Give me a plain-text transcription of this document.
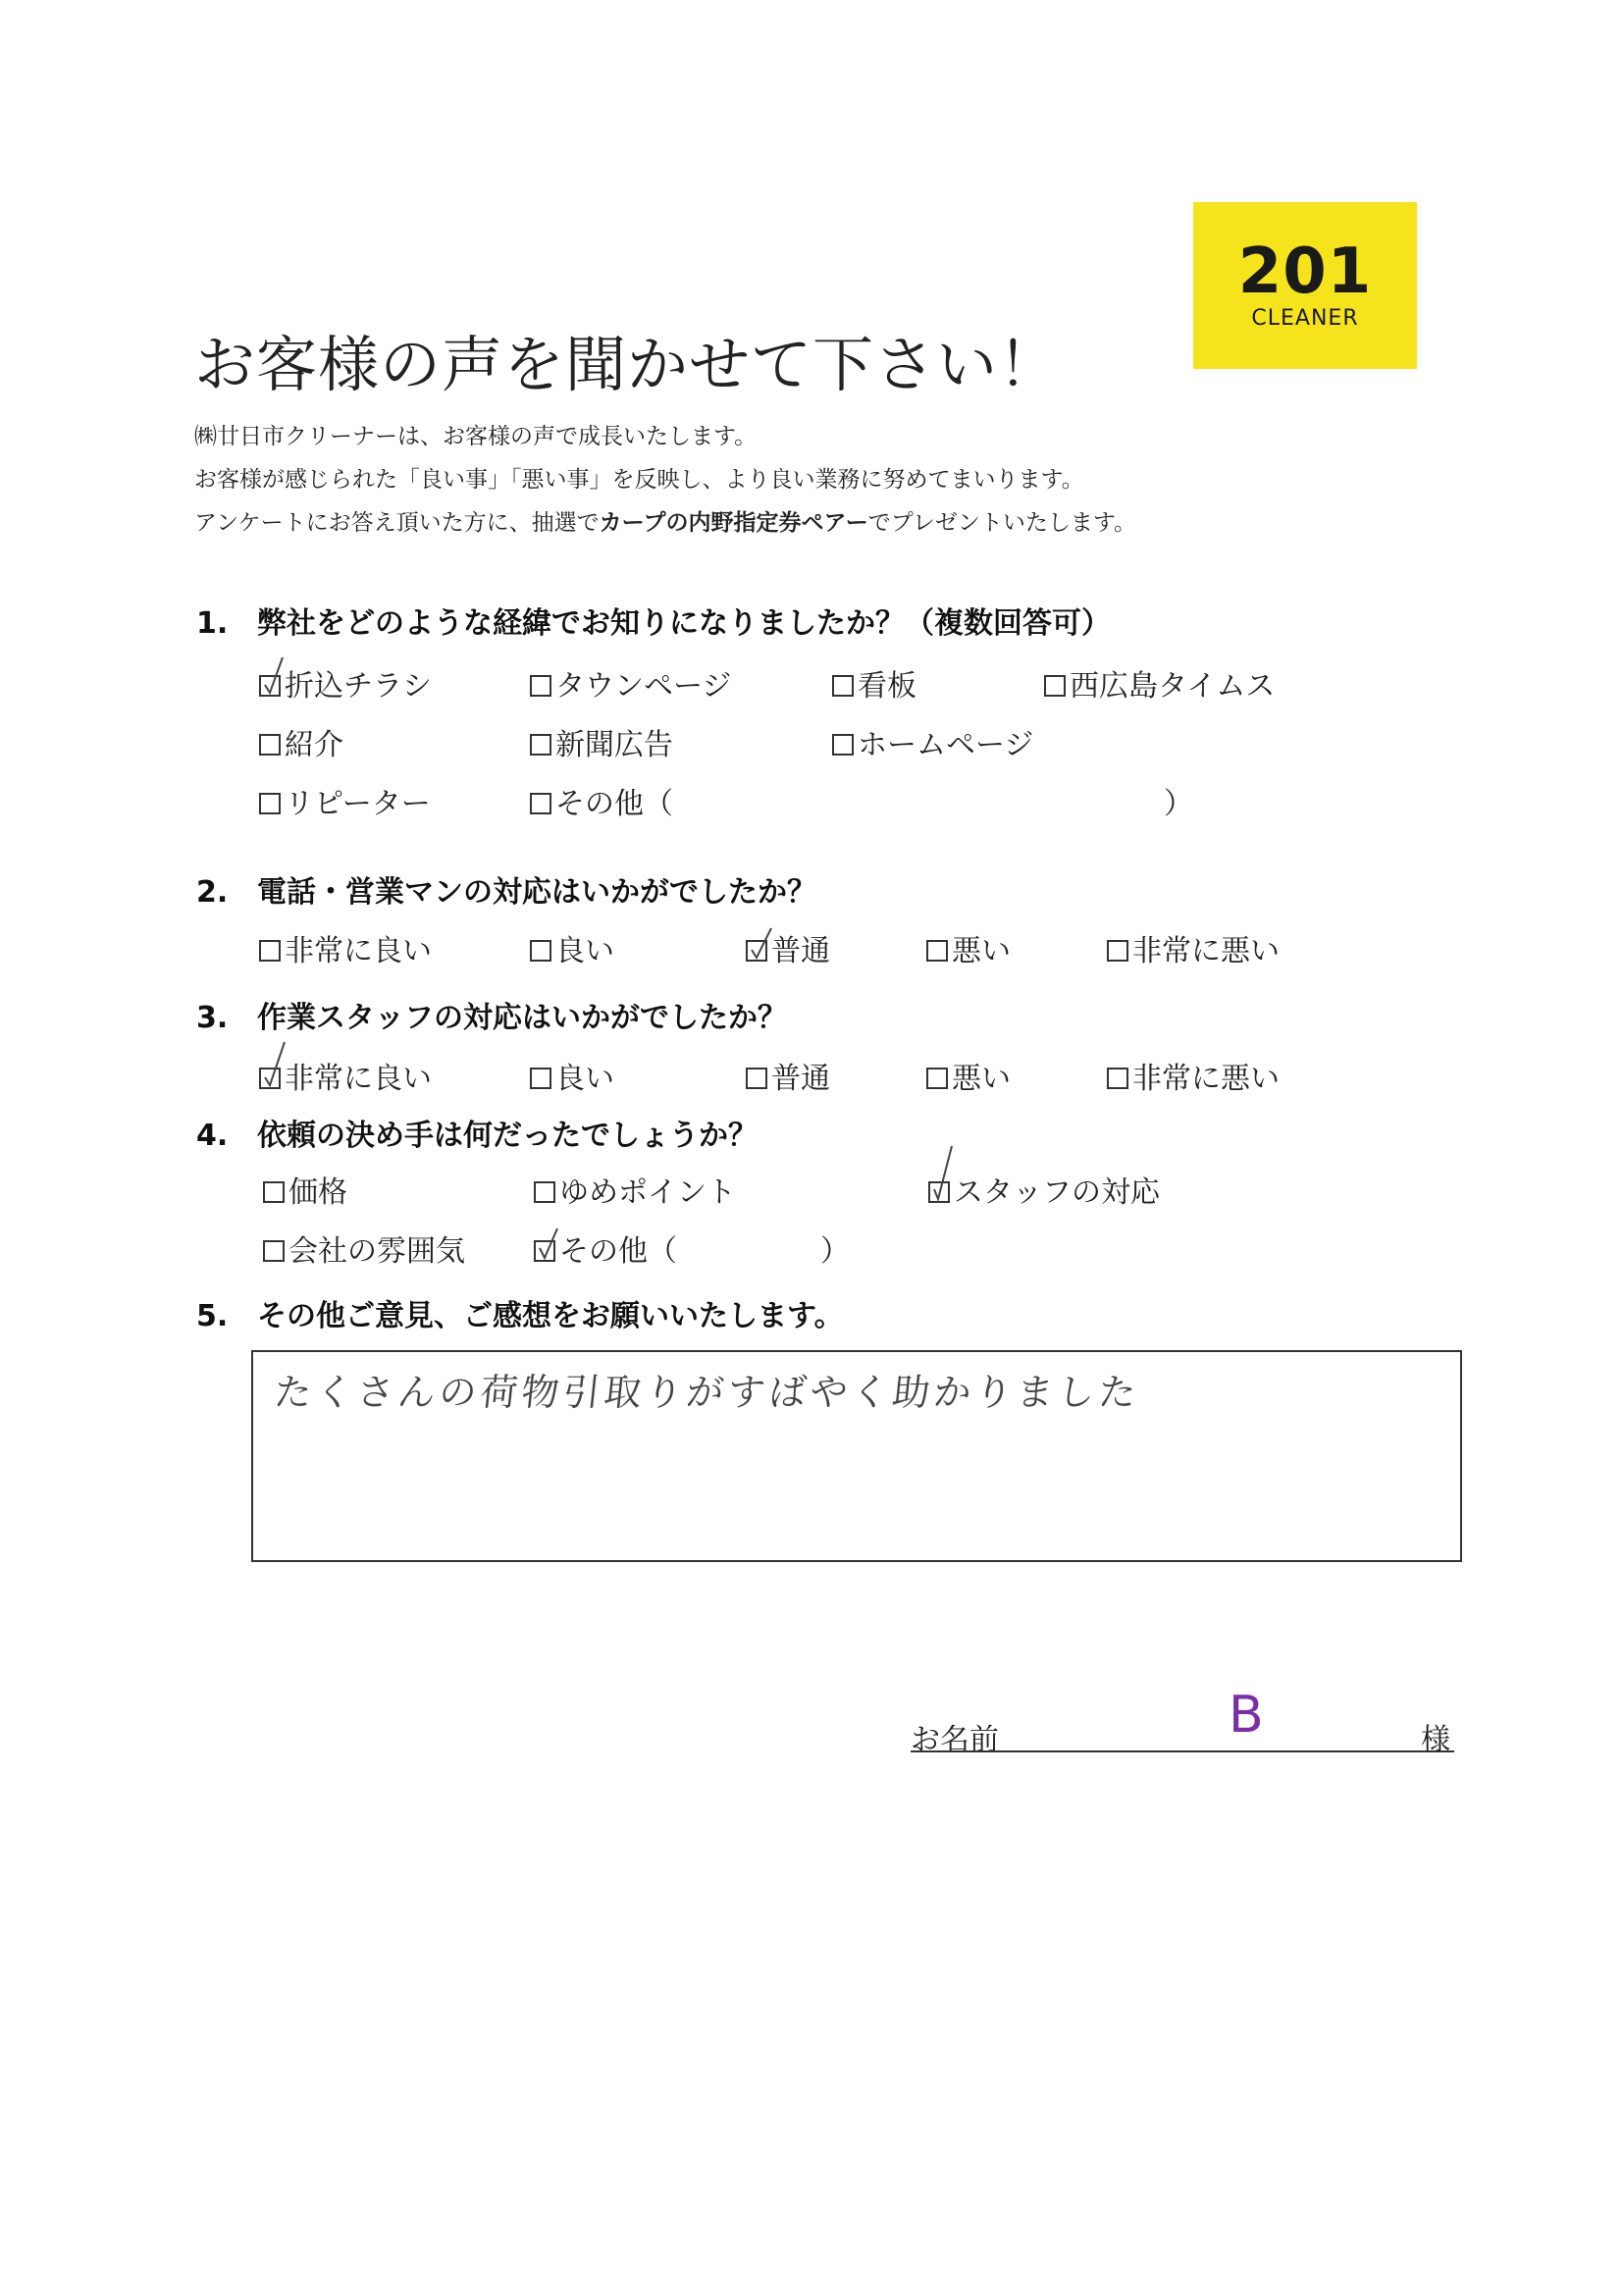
201
CLEANER
お客様の声を聞かせて下さい！
㈱廿日市クリーナーは、お客様の声で成長いたします。
お客様が感じられた「良い事」「悪い事」を反映し、より良い業務に努めてまいります。
アンケートにお答え頂いた方に、抽選でカープの内野指定券ペアーでプレゼントいたします。
1. 弊社をどのような経緯でお知りになりましたか？（複数回答可）
折込チラシ	タウンページ	看板	西広島タイムス
紹介	新聞広告	ホームページ
リピーター	その他（	）
2. 電話・営業マンの対応はいかがでしたか？
非常に良い	良い	普通	悪い	非常に悪い
3. 作業スタッフの対応はいかがでしたか？
非常に良い	良い	普通	悪い	非常に悪い
4. 依頼の決め手は何だったでしょうか？
価格	ゆめポイント	スタッフの対応
会社の雰囲気	その他（	）
5. その他ご意見、ご感想をお願いいたします。
たくさんの荷物引取りがすばやく助かりました
お名前	B	様
